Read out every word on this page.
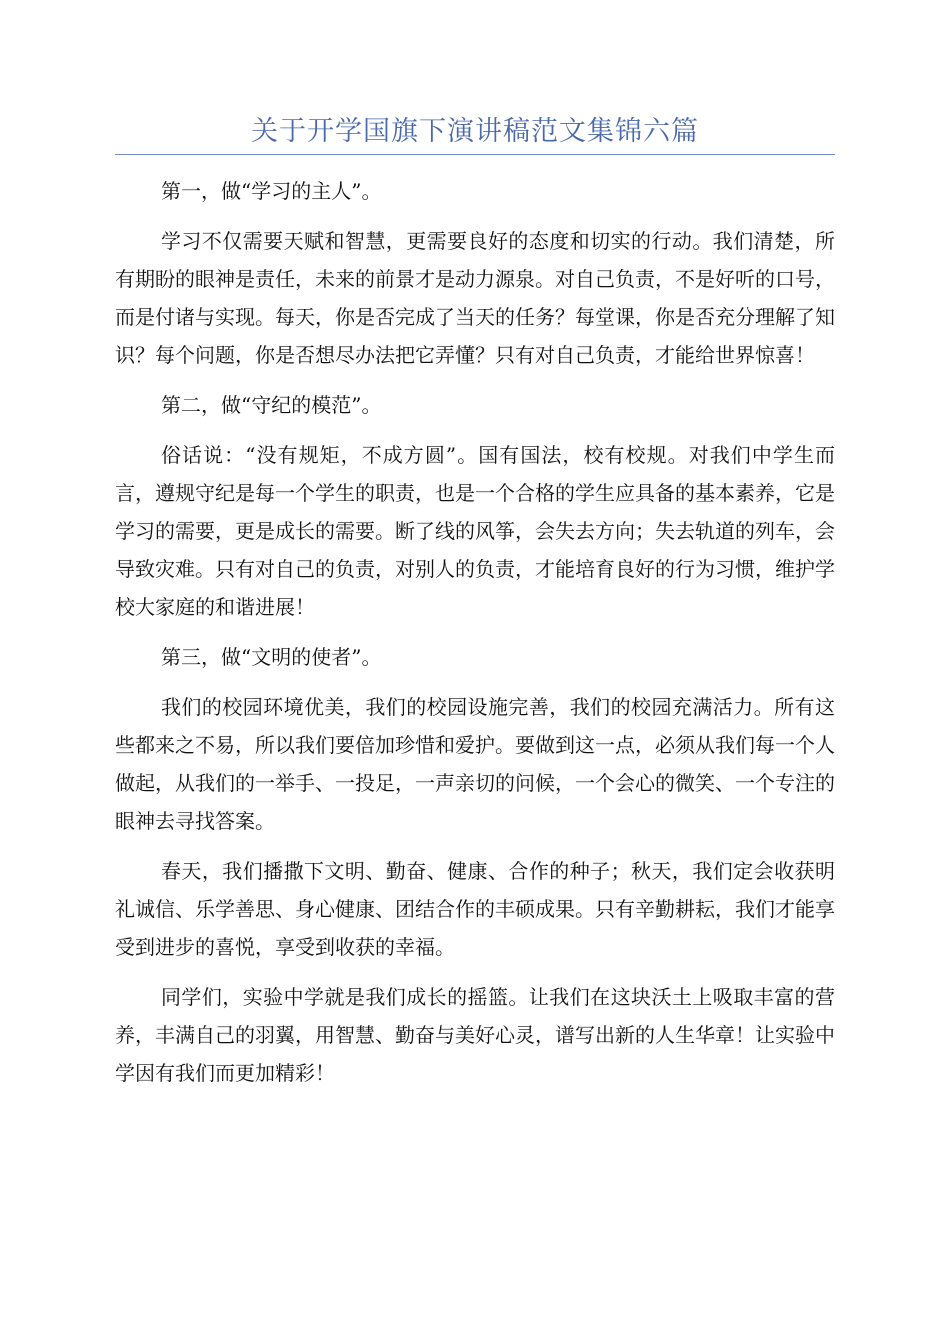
关于开学国旗下演讲稿范文集锦六篇

第一，做“学习的主人”。

学习不仅需要天赋和智慧，更需要良好的态度和切实的行动。我们清楚，所有期盼的眼神是责任，未来的前景才是动力源泉。对自己负责，不是好听的口号，而是付诸与实现。每天，你是否完成了当天的任务？每堂课，你是否充分理解了知识？每个问题，你是否想尽办法把它弄懂？只有对自己负责，才能给世界惊喜！

第二，做“守纪的模范”。

俗话说：“没有规矩，不成方圆”。国有国法，校有校规。对我们中学生而言，遵规守纪是每一个学生的职责，也是一个合格的学生应具备的基本素养，它是学习的需要，更是成长的需要。断了线的风筝，会失去方向；失去轨道的列车，会导致灾难。只有对自己的负责，对别人的负责，才能培育良好的行为习惯，维护学校大家庭的和谐进展！

第三，做“文明的使者”。

我们的校园环境优美，我们的校园设施完善，我们的校园充满活力。所有这些都来之不易，所以我们要倍加珍惜和爱护。要做到这一点，必须从我们每一个人做起，从我们的一举手、一投足，一声亲切的问候，一个会心的微笑、一个专注的眼神去寻找答案。

春天，我们播撒下文明、勤奋、健康、合作的种子；秋天，我们定会收获明礼诚信、乐学善思、身心健康、团结合作的丰硕成果。只有辛勤耕耘，我们才能享受到进步的喜悦，享受到收获的幸福。

同学们，实验中学就是我们成长的摇篮。让我们在这块沃土上吸取丰富的营养，丰满自己的羽翼，用智慧、勤奋与美好心灵，谱写出新的人生华章！让实验中学因有我们而更加精彩！
